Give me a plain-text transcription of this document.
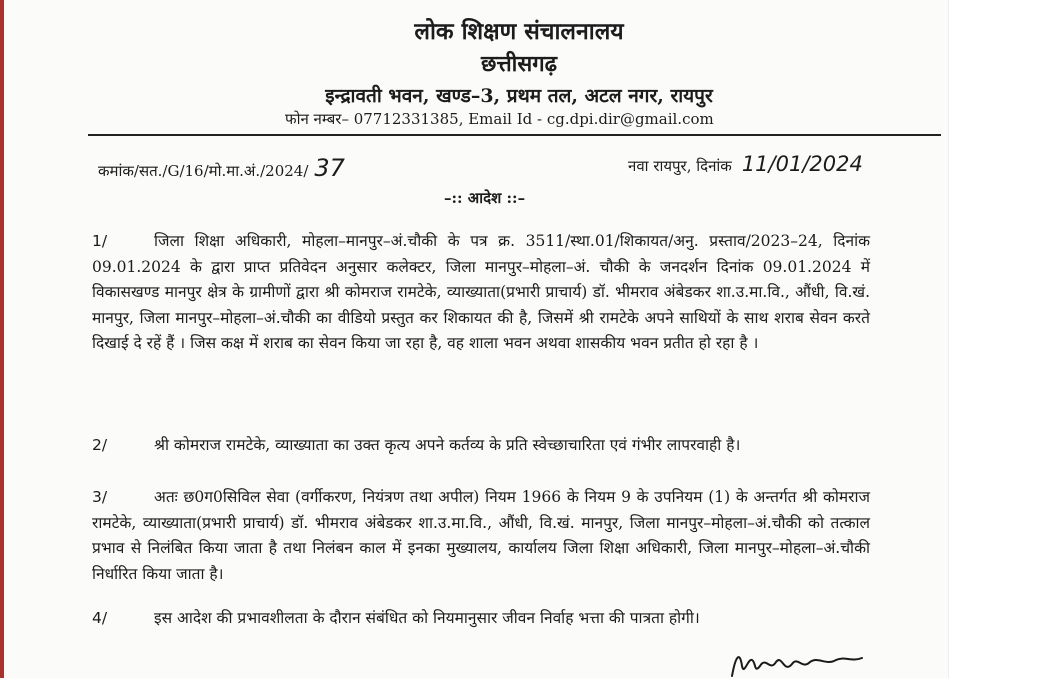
लोक शिक्षण संचालनालय
छत्तीसगढ़
इन्द्रावती भवन, खण्ड–3, प्रथम तल, अटल नगर, रायपुर
फोन नम्बर– 07712331385, Email Id - cg.dpi.dir@gmail.com
कमांक/सत./G/16/मो.मा.अं./2024/ 37	नवा रायपुर, दिनांक 11/01/2024
–:: आदेश ::–
1/	जिला शिक्षा अधिकारी, मोहला–मानपुर–अं.चौकी के पत्र क्र. 3511/स्था.01/शिकायत/अनु. प्रस्ताव/2023–24, दिनांक 09.01.2024 के द्वारा प्राप्त प्रतिवेदन अनुसार कलेक्टर, जिला मानपुर–मोहला–अं. चौकी के जनदर्शन दिनांक 09.01.2024 में विकासखण्ड मानपुर क्षेत्र के ग्रामीणों द्वारा श्री कोमराज रामटेके, व्याख्याता(प्रभारी प्राचार्य) डॉ. भीमराव अंबेडकर शा.उ.मा.वि., औंधी, वि.खं. मानपुर, जिला मानपुर–मोहला–अं.चौकी का वीडियो प्रस्तुत कर शिकायत की है, जिसमें श्री रामटेके अपने साथियों के साथ शराब सेवन करते दिखाई दे रहें हैं । जिस कक्ष में शराब का सेवन किया जा रहा है, वह शाला भवन अथवा शासकीय भवन प्रतीत हो रहा है ।
2/	श्री कोमराज रामटेके, व्याख्याता का उक्त कृत्य अपने कर्तव्य के प्रति स्वेच्छाचारिता एवं गंभीर लापरवाही है।
3/	अतः छ0ग0सिविल सेवा (वर्गीकरण, नियंत्रण तथा अपील) नियम 1966 के नियम 9 के उपनियम (1) के अन्तर्गत श्री कोमराज रामटेके, व्याख्याता(प्रभारी प्राचार्य) डॉ. भीमराव अंबेडकर शा.उ.मा.वि., औंधी, वि.खं. मानपुर, जिला मानपुर–मोहला–अं.चौकी को तत्काल प्रभाव से निलंबित किया जाता है तथा निलंबन काल में इनका मुख्यालय, कार्यालय जिला शिक्षा अधिकारी, जिला मानपुर–मोहला–अं.चौकी निर्धारित किया जाता है।
4/	इस आदेश की प्रभावशीलता के दौरान संबंधित को नियमानुसार जीवन निर्वाह भत्ता की पात्रता होगी।
